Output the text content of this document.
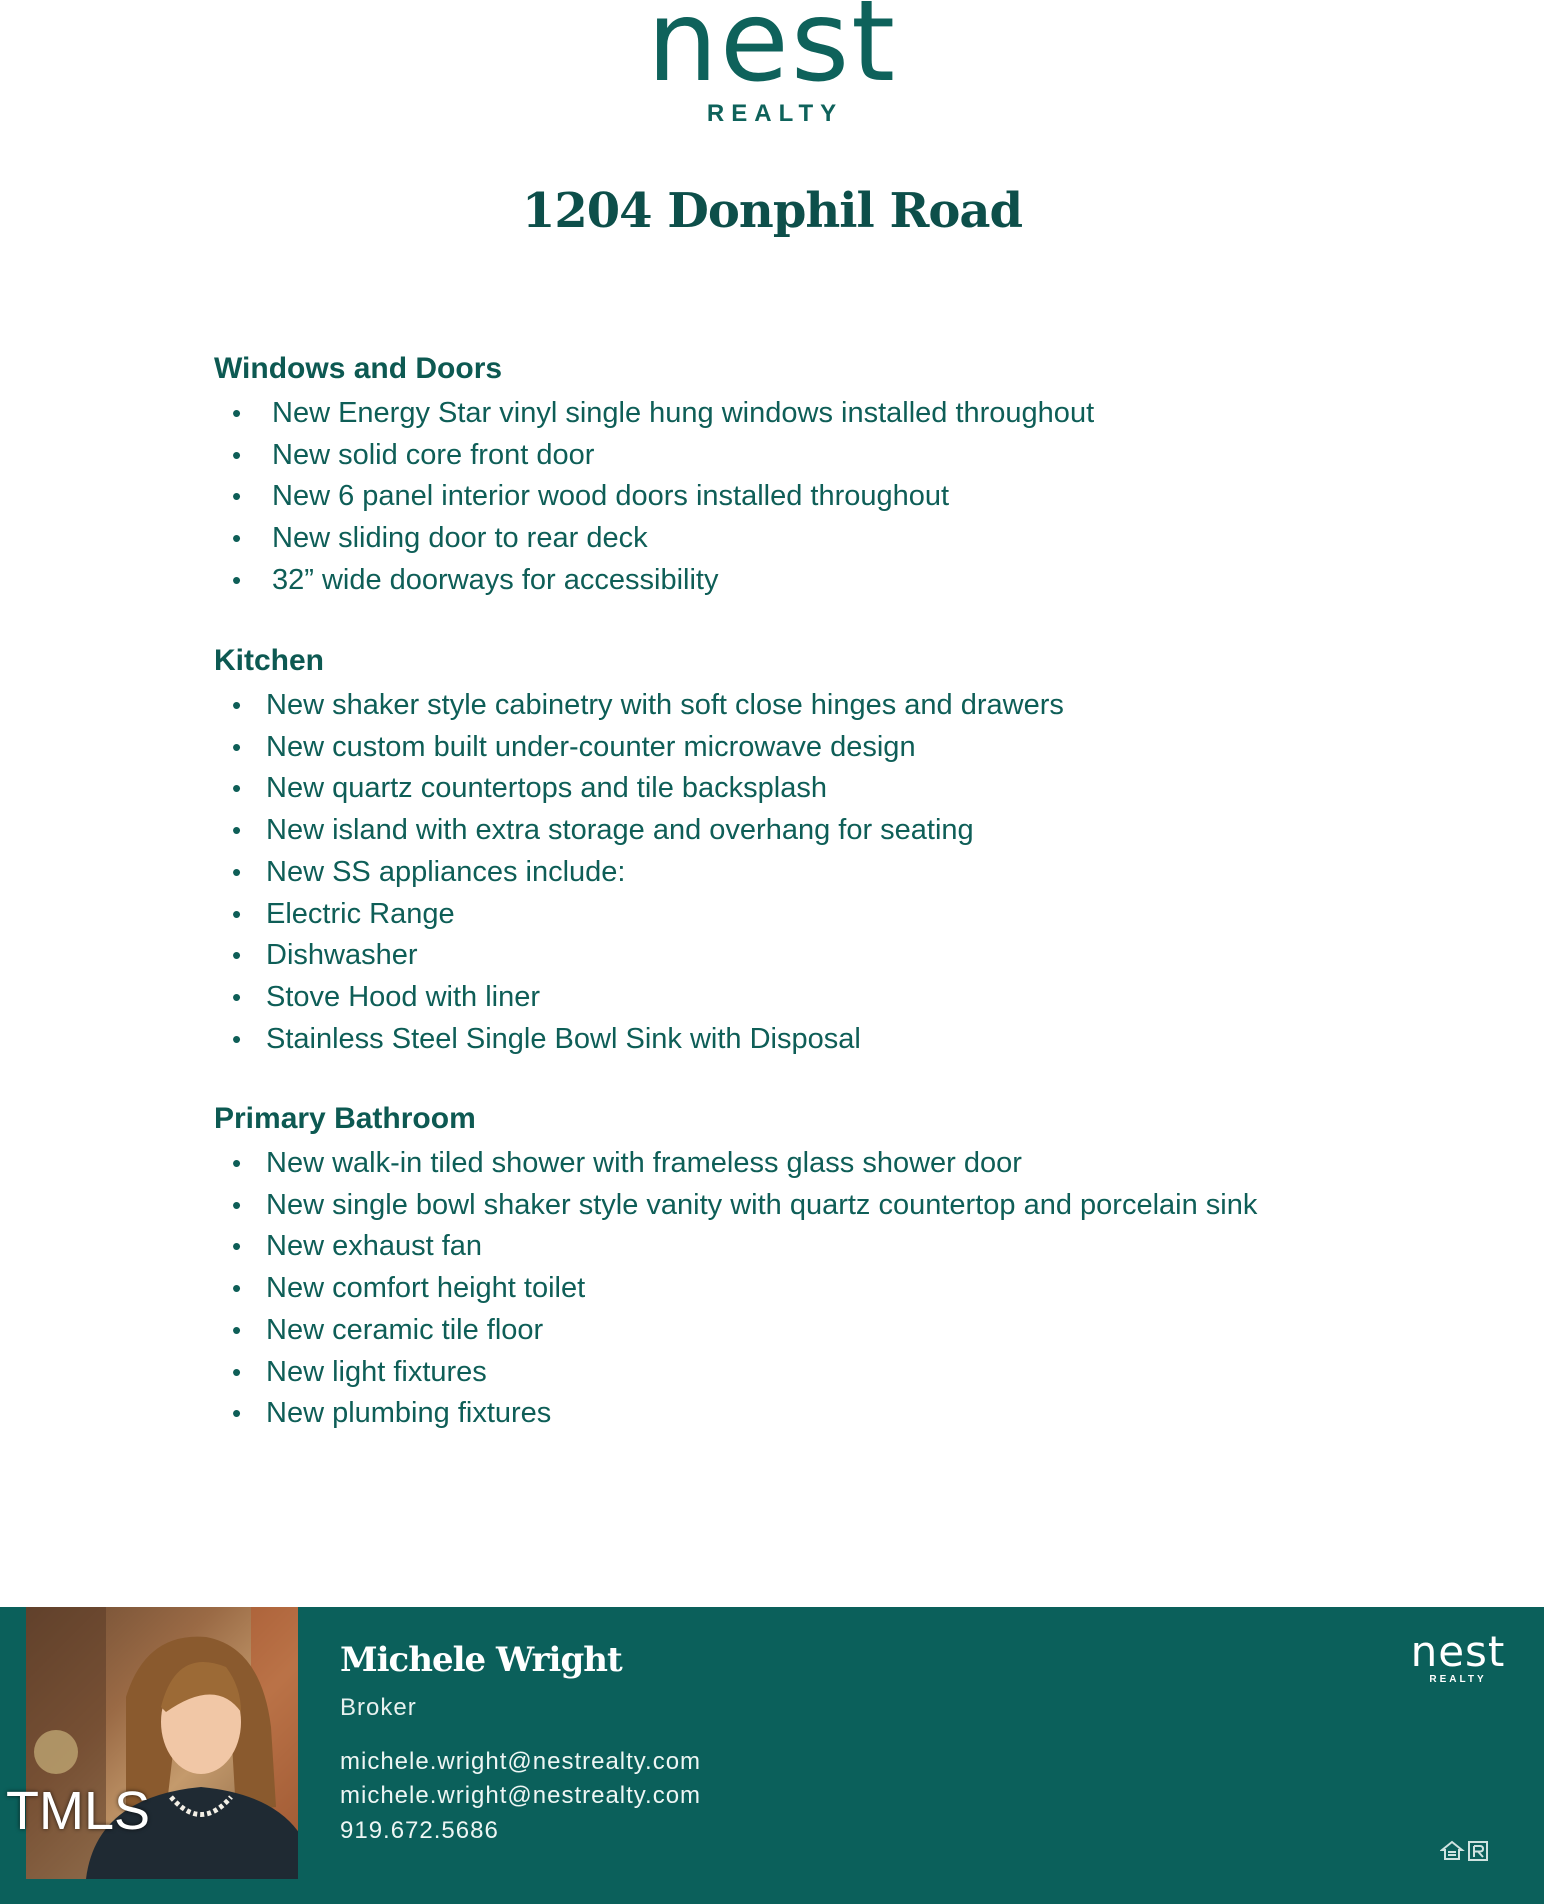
nest
REALTY
1204 Donphil Road
Windows and Doors
•	New Energy Star vinyl single hung windows installed throughout
•	New solid core front door
•	New 6 panel interior wood doors installed throughout
•	New sliding door to rear deck
•	32” wide doorways for accessibility
Kitchen
• New shaker style cabinetry with soft close hinges and drawers
• New custom built under-counter microwave design
• New quartz countertops and tile backsplash
• New island with extra storage and overhang for seating
• New SS appliances include:
• Electric Range
• Dishwasher
• Stove Hood with liner
• Stainless Steel Single Bowl Sink with Disposal
Primary Bathroom
• New walk-in tiled shower with frameless glass shower door
• New single bowl shaker style vanity with quartz countertop and porcelain sink
• New exhaust fan
• New comfort height toilet
• New ceramic tile floor
• New light fixtures
• New plumbing fixtures
TMLS
Michele Wright
Broker
michele.wright@nestrealty.com
michele.wright@nestrealty.com
919.672.5686
nest
REALTY
